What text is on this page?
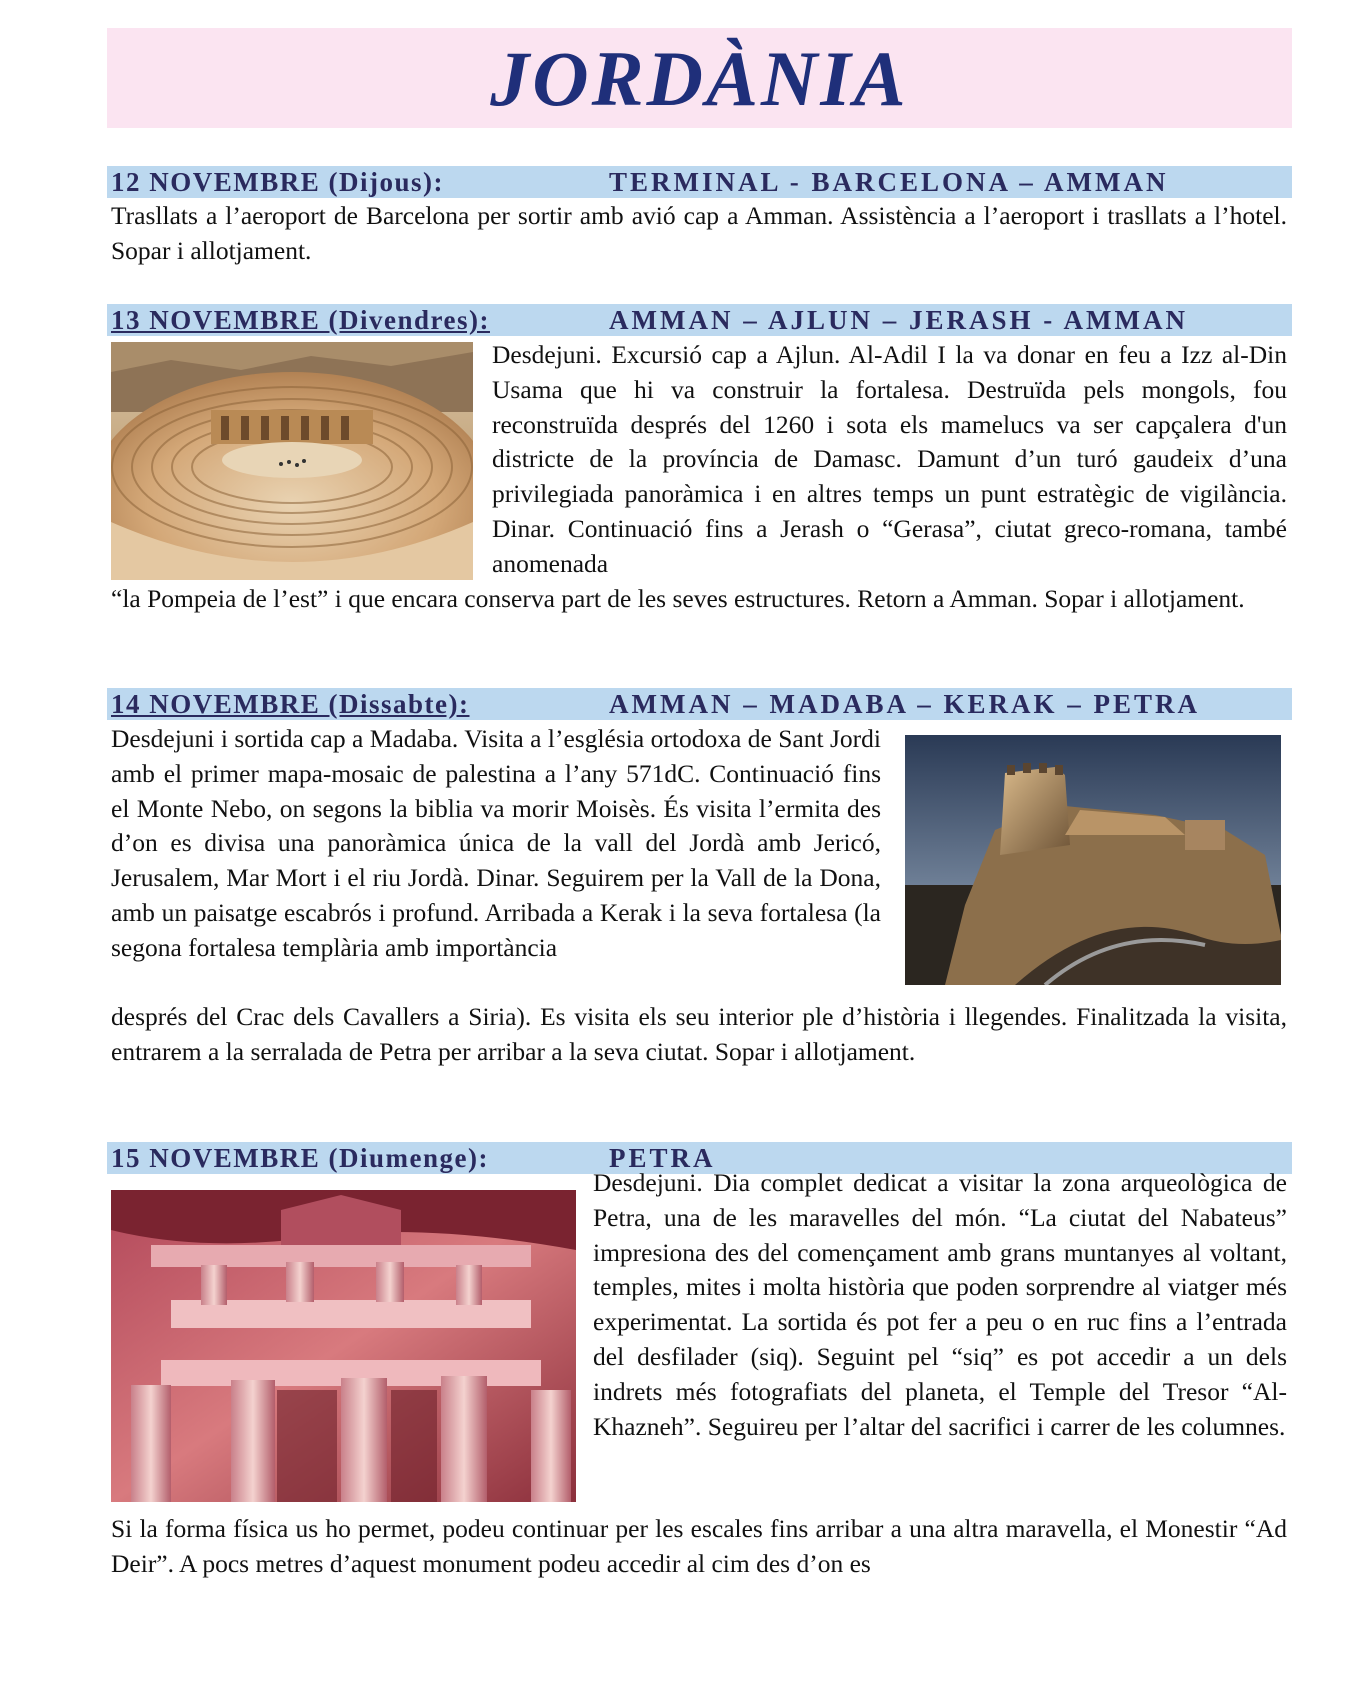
JORDÀNIA
12 NOVEMBRE (Dijous):	TERMINAL - BARCELONA – AMMAN

Trasllats a l’aeroport de Barcelona per sortir amb avió cap a Amman. Assistència a l’aeroport i trasllats a l’hotel. Sopar i allotjament.

13 NOVEMBRE (Divendres):	AMMAN – AJLUN – JERASH - AMMAN

Desdejuni. Excursió cap a Ajlun. Al-Adil I la va donar en feu a Izz al-Din Usama que hi va construir la fortalesa. Destruïda pels mongols, fou reconstruïda després del 1260 i sota els mamelucs va ser capçalera d'un districte de la província de Damasc. Damunt d’un turó gaudeix d’una privilegiada panoràmica i en altres temps un punt estratègic de vigilància. Dinar. Continuació fins a Jerash o “Gerasa”, ciutat greco-romana, també anomenada

“la Pompeia de l’est” i que encara conserva part de les seves estructures. Retorn a Amman. Sopar i allotjament.

14 NOVEMBRE (Dissabte):	AMMAN – MADABA – KERAK – PETRA

Desdejuni i sortida cap a Madaba. Visita a l’església ortodoxa de Sant Jordi amb el primer mapa-mosaic de palestina a l’any 571dC. Continuació fins el Monte Nebo, on segons la biblia va morir Moisès. És visita l’ermita des d’on es divisa una panoràmica única de la vall del Jordà amb Jericó, Jerusalem, Mar Mort i el riu Jordà. Dinar. Seguirem per la Vall de la Dona, amb un paisatge escabrós i profund. Arribada a Kerak i la seva fortalesa (la segona fortalesa templària amb importància

després del Crac dels Cavallers a Siria). Es visita els seu interior ple d’història i llegendes. Finalitzada la visita, entrarem a la serralada de Petra per arribar a la seva ciutat. Sopar i allotjament.

15 NOVEMBRE (Diumenge):	PETRA

Desdejuni. Dia complet dedicat a visitar la zona arqueològica de Petra, una de les maravelles del món. “La ciutat del Nabateus” impresiona des del començament amb grans muntanyes al voltant, temples, mites i molta història que poden sorprendre al viatger més experimentat. La sortida és pot fer a peu o en ruc fins a l’entrada del desfilader (siq). Seguint pel “siq” es pot accedir a un dels indrets més fotografiats del planeta, el Temple del Tresor “Al-Khazneh”. Seguireu per l’altar del sacrifici i carrer de les columnes.

Si la forma física us ho permet, podeu continuar per les escales fins arribar a una altra maravella, el Monestir “Ad Deir”. A pocs metres d’aquest monument podeu accedir al cim des d’on es
